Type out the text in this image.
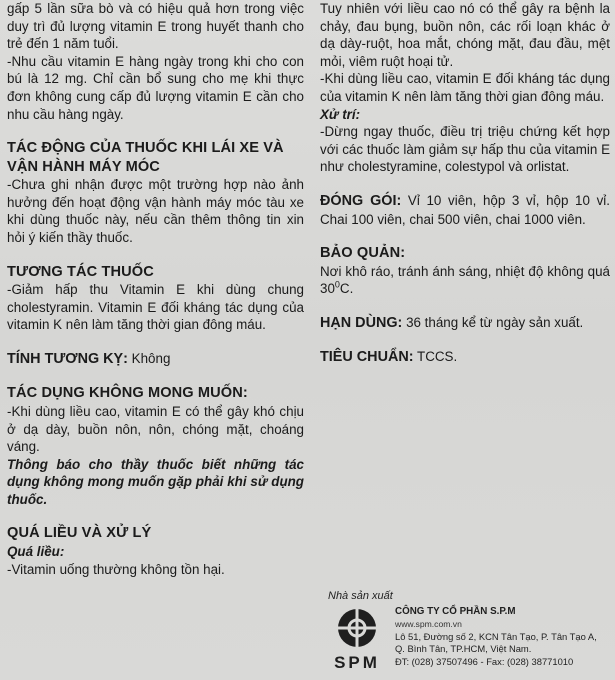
gấp 5 lần sữa bò và có hiệu quả hơn trong việc duy trì đủ lượng vitamin E trong huyết thanh cho trẻ đến 1 năm tuổi.

-Nhu cầu vitamin E hàng ngày trong khi cho con bú là 12 mg. Chỉ cần bổ sung cho mẹ khi thực đơn không cung cấp đủ lượng vitamin E cần cho nhu cầu hàng ngày.

TÁC ĐỘNG CỦA THUỐC KHI LÁI XE VÀ VẬN HÀNH MÁY MÓC

-Chưa ghi nhận được một trường hợp nào ảnh hưởng đến hoạt động vận hành máy móc tàu xe khi dùng thuốc này, nếu cần thêm thông tin xin hỏi ý kiến thầy thuốc.

TƯƠNG TÁC THUỐC

-Giảm hấp thu Vitamin E khi dùng chung cholestyramin. Vitamin E đối kháng tác dụng của vitamin K nên làm tăng thời gian đông máu.

TÍNH TƯƠNG KỴ: Không

TÁC DỤNG KHÔNG MONG MUỐN:

-Khi dùng liều cao, vitamin E có thể gây khó chịu ở dạ dày, buồn nôn, nôn, chóng mặt, choáng váng.

Thông báo cho thầy thuốc biết những tác dụng không mong muốn gặp phải khi sử dụng thuốc.

QUÁ LIỀU VÀ XỬ LÝ

Quá liều:

-Vitamin uống thường không tồn hại.

Tuy nhiên với liều cao nó có thể gây ra bệnh la chảy, đau bụng, buồn nôn, các rối loạn khác ở dạ dày-ruột, hoa mắt, chóng mặt, đau đầu, mệt mỏi, viêm ruột hoại tử.

-Khi dùng liều cao, vitamin E đối kháng tác dụng của vitamin K nên làm tăng thời gian đông máu.

Xử trí:

-Dừng ngay thuốc, điều trị triệu chứng kết hợp với các thuốc làm giảm sự hấp thu của vitamin E như cholestyramine, colestypol và orlistat.

ĐÓNG GÓI: Vỉ 10 viên, hộp 3 vỉ, hộp 10 vỉ. Chai 100 viên, chai 500 viên, chai 1000 viên.

BẢO QUẢN:

Nơi khô ráo, tránh ánh sáng, nhiệt độ không quá $30^0C$.

HẠN DÙNG: 36 tháng kể từ ngày sản xuất.

TIÊU CHUẨN: TCCS.

Nhà sản xuất
SPM
CÔNG TY CỔ PHẦN S.P.M
www.spm.com.vn
Lô 51, Đường số 2, KCN Tân Tạo, P. Tân Tạo A,
Q. Bình Tân, TP.HCM, Việt Nam.
ĐT: (028) 37507496 - Fax: (028) 38771010
